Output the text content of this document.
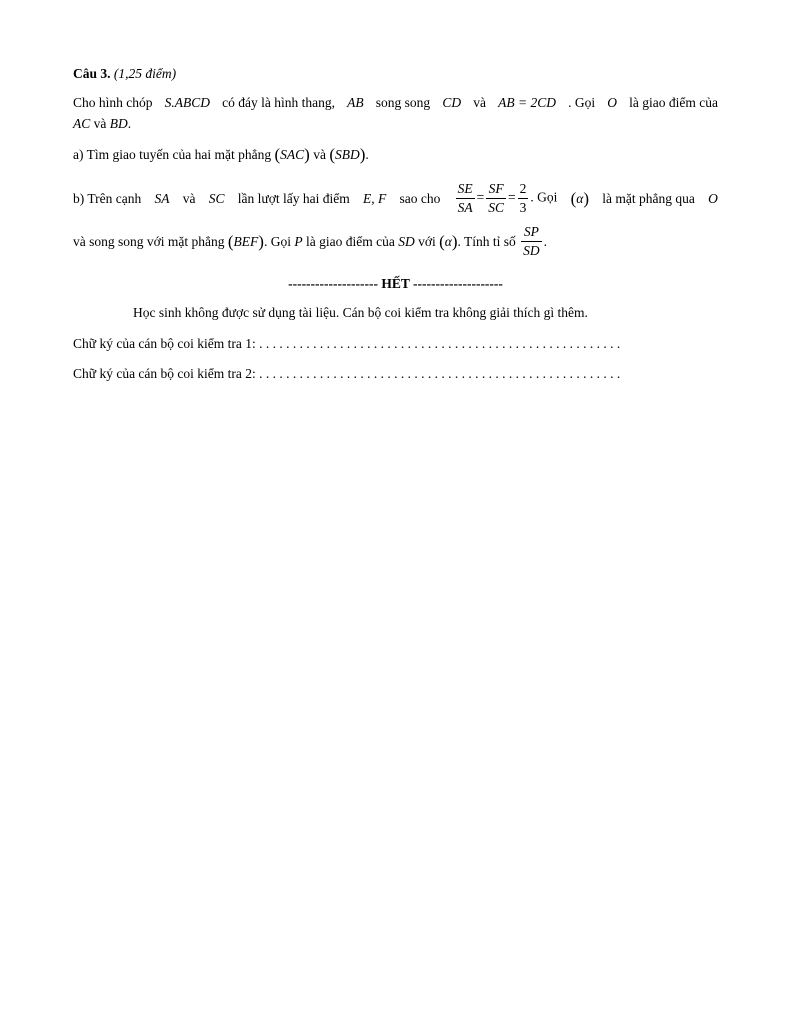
Câu 3. (1,25 điểm)
Cho hình chóp S.ABCD có đáy là hình thang, AB song song CD và AB = 2CD . Gọi O là giao điểm của
AC và BD.
a) Tìm giao tuyến của hai mặt phẳng (SAC) và (SBD).
b) Trên cạnh SA và SC lần lượt lấy hai điểm E, F sao cho $\frac{SE}{SA} = \frac{SF}{SC} = \frac{2}{3}$ . Gọi (α) là mặt phẳng qua O
và song song với mặt phẳng
( BEF ) . Gọi
P
là giao điểm của
SD
với
( α ) . Tính tỉ số
$\frac{SP}{SD}$ .
-------------------- HẾT --------------------
Học sinh không được sử dụng tài liệu. Cán bộ coi kiểm tra không giải thích gì thêm.
Chữ ký của cán bộ coi kiểm tra 1: . . . . . . . . . . . . . . . . . . . . . . . . . . . . . . . . . . . . . . . . . . . . . . . . . . . . . .
Chữ ký của cán bộ coi kiểm tra 2: . . . . . . . . . . . . . . . . . . . . . . . . . . . . . . . . . . . . . . . . . . . . . . . . . . . . . .
